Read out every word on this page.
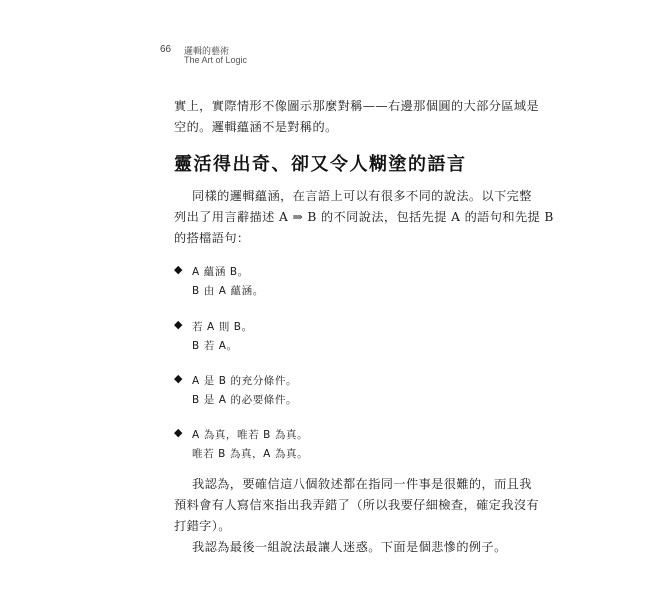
66 邏輯的藝術
The Art of Logic
實上，實際情形不像圖示那麼對稱——右邊那個圓的大部分區域是
空的。邏輯蘊涵不是對稱的。
靈活得出奇、卻又令人糊塗的語言
同樣的邏輯蘊涵，在言語上可以有很多不同的說法。以下完整
列出了用言辭描述 A ⇒ B 的不同說法，包括先提 A 的語句和先提 B
的搭檔語句：
◆ A 蘊涵 B。
B 由 A 蘊涵。
◆ 若 A 則 B。
B 若 A。
◆ A 是 B 的充分條件。
B 是 A 的必要條件。
◆ A 為真，唯若 B 為真。
唯若 B 為真，A 為真。
我認為，要確信這八個敘述都在指同一件事是很難的，而且我
預料會有人寫信來指出我弄錯了（所以我要仔細檢查，確定我沒有
打錯字）。
我認為最後一組說法最讓人迷惑。下面是個悲慘的例子。
